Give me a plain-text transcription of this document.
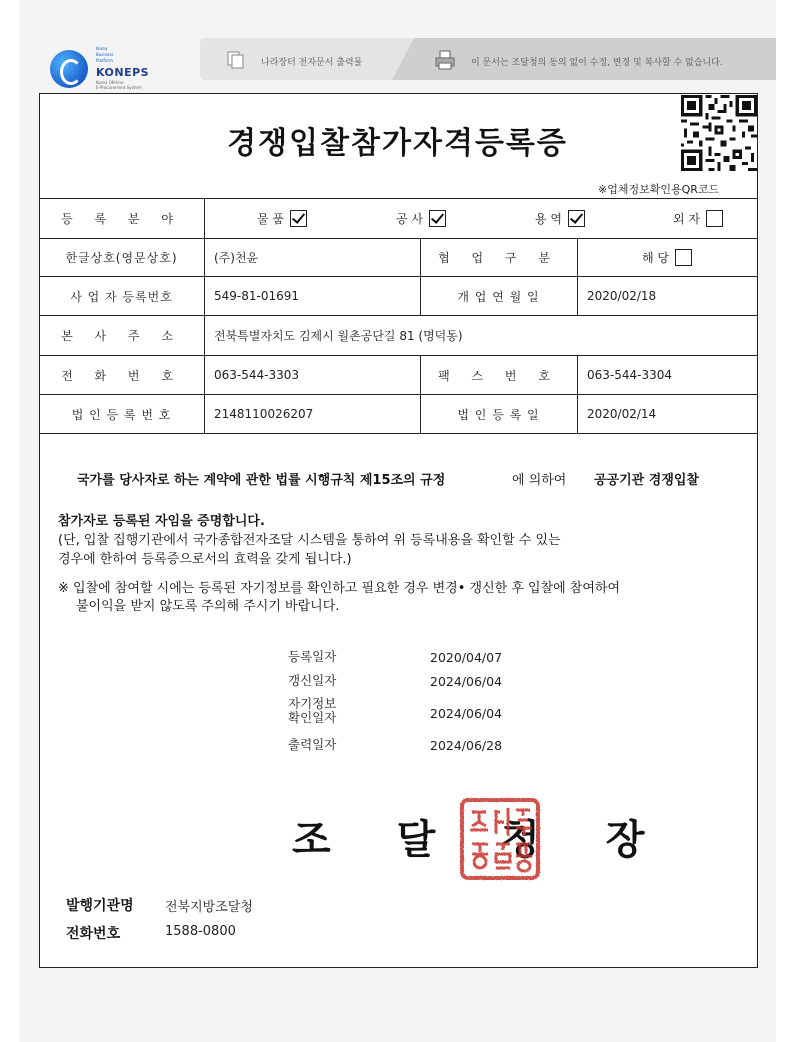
Korea
Business
Platform
KONEPS
Korea ON-line
E-Procurement System
나라장터 전자문서 출력물	이 문서는 조달청의 동의 없이 수정, 변경 및 복사할 수 없습니다.
경쟁입찰참가자격등록증
※업체정보확인용QR코드
등 록 분 야	물 품	공 사	용 역	외 자
한글상호(영문상호)	(주)천윤	협 업 구 분	해 당
사 업 자 등록번호	549-81-01691	개 업 연 월 일	2020/02/18
본 사 주 소	전북특별자치도 김제시 월촌공단길 81 (명덕동)
전 화 번 호	063-544-3303	팩 스 번 호	063-544-3304
법 인 등 록 번 호	2148110026207	법 인 등 록 일	2020/02/14
국가를 당사자로 하는 계약에 관한 법률 시행규칙 제15조의 규정	에 의하여 공공기관 경쟁입찰
참가자로 등록된 자임을 증명합니다.
(단, 입찰 집행기관에서 국가종합전자조달 시스템을 통하여 위 등록내용을 확인할 수 있는
경우에 한하여 등록증으로서의 효력을 갖게 됩니다.)
※ 입찰에 참여할 시에는 등록된 자기정보를 확인하고 필요한 경우 변경• 갱신한 후 입찰에 참여하여
불이익을 받지 않도록 주의해 주시기 바랍니다.
등록일자	2020/04/07
갱신일자	2024/06/04
자기정보
확인일자	2024/06/04
출력일자	2024/06/28
조 달 청 장
조달청장인
발행기관명 전북지방조달청
전화번호	1588-0800
